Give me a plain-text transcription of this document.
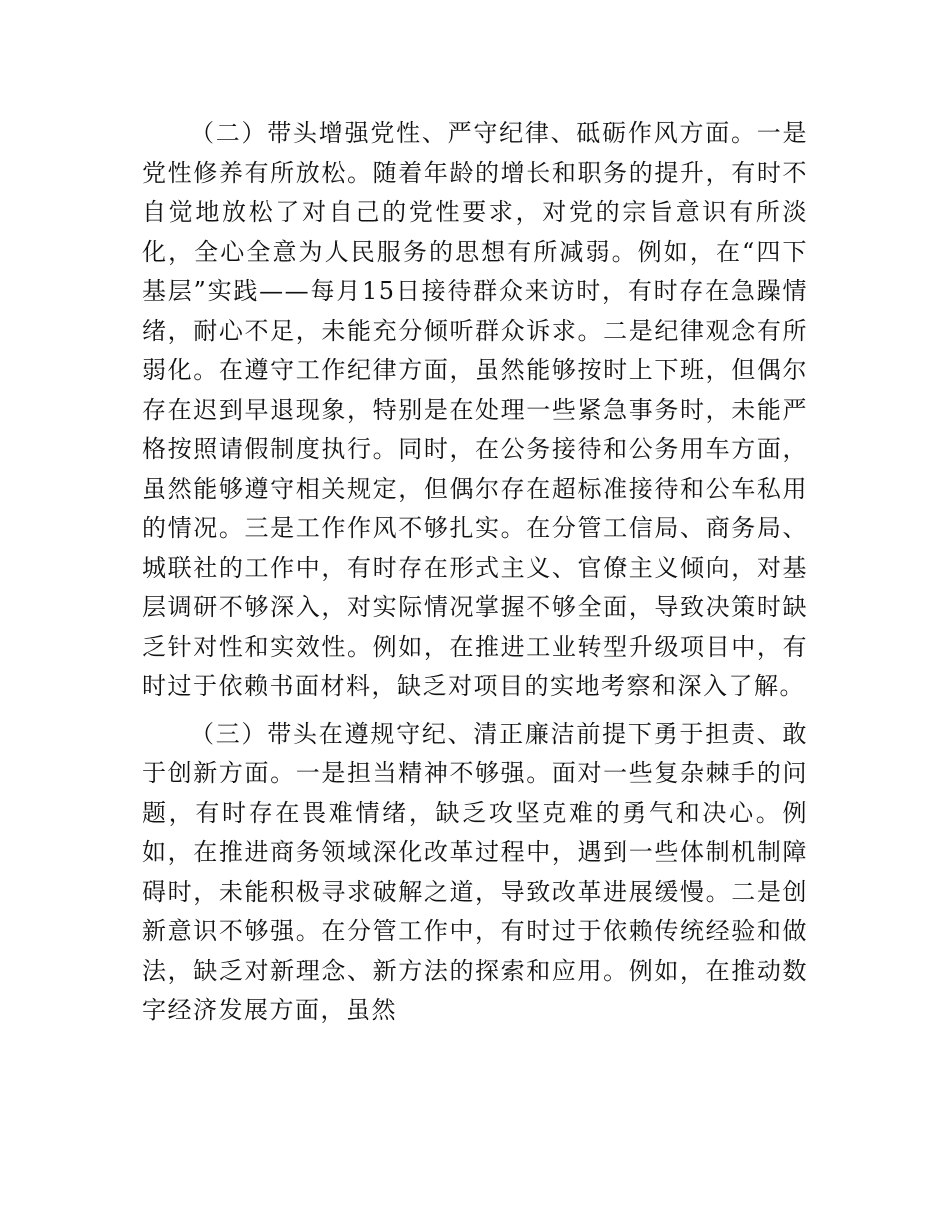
（二）带头增强党性、严守纪律、砥砺作风方面。一是党性修养有所放松。随着年龄的增长和职务的提升，有时不自觉地放松了对自己的党性要求，对党的宗旨意识有所淡化，全心全意为人民服务的思想有所减弱。例如，在“四下基层”实践——每月15日接待群众来访时，有时存在急躁情绪，耐心不足，未能充分倾听群众诉求。二是纪律观念有所弱化。在遵守工作纪律方面，虽然能够按时上下班，但偶尔存在迟到早退现象，特别是在处理一些紧急事务时，未能严格按照请假制度执行。同时，在公务接待和公务用车方面，虽然能够遵守相关规定，但偶尔存在超标准接待和公车私用的情况。三是工作作风不够扎实。在分管工信局、商务局、城联社的工作中，有时存在形式主义、官僚主义倾向，对基层调研不够深入，对实际情况掌握不够全面，导致决策时缺乏针对性和实效性。例如，在推进工业转型升级项目中，有时过于依赖书面材料，缺乏对项目的实地考察和深入了解。

（三）带头在遵规守纪、清正廉洁前提下勇于担责、敢于创新方面。一是担当精神不够强。面对一些复杂棘手的问题，有时存在畏难情绪，缺乏攻坚克难的勇气和决心。例如，在推进商务领域深化改革过程中，遇到一些体制机制障碍时，未能积极寻求破解之道，导致改革进展缓慢。二是创新意识不够强。在分管工作中，有时过于依赖传统经验和做法，缺乏对新理念、新方法的探索和应用。例如，在推动数字经济发展方面，虽然
